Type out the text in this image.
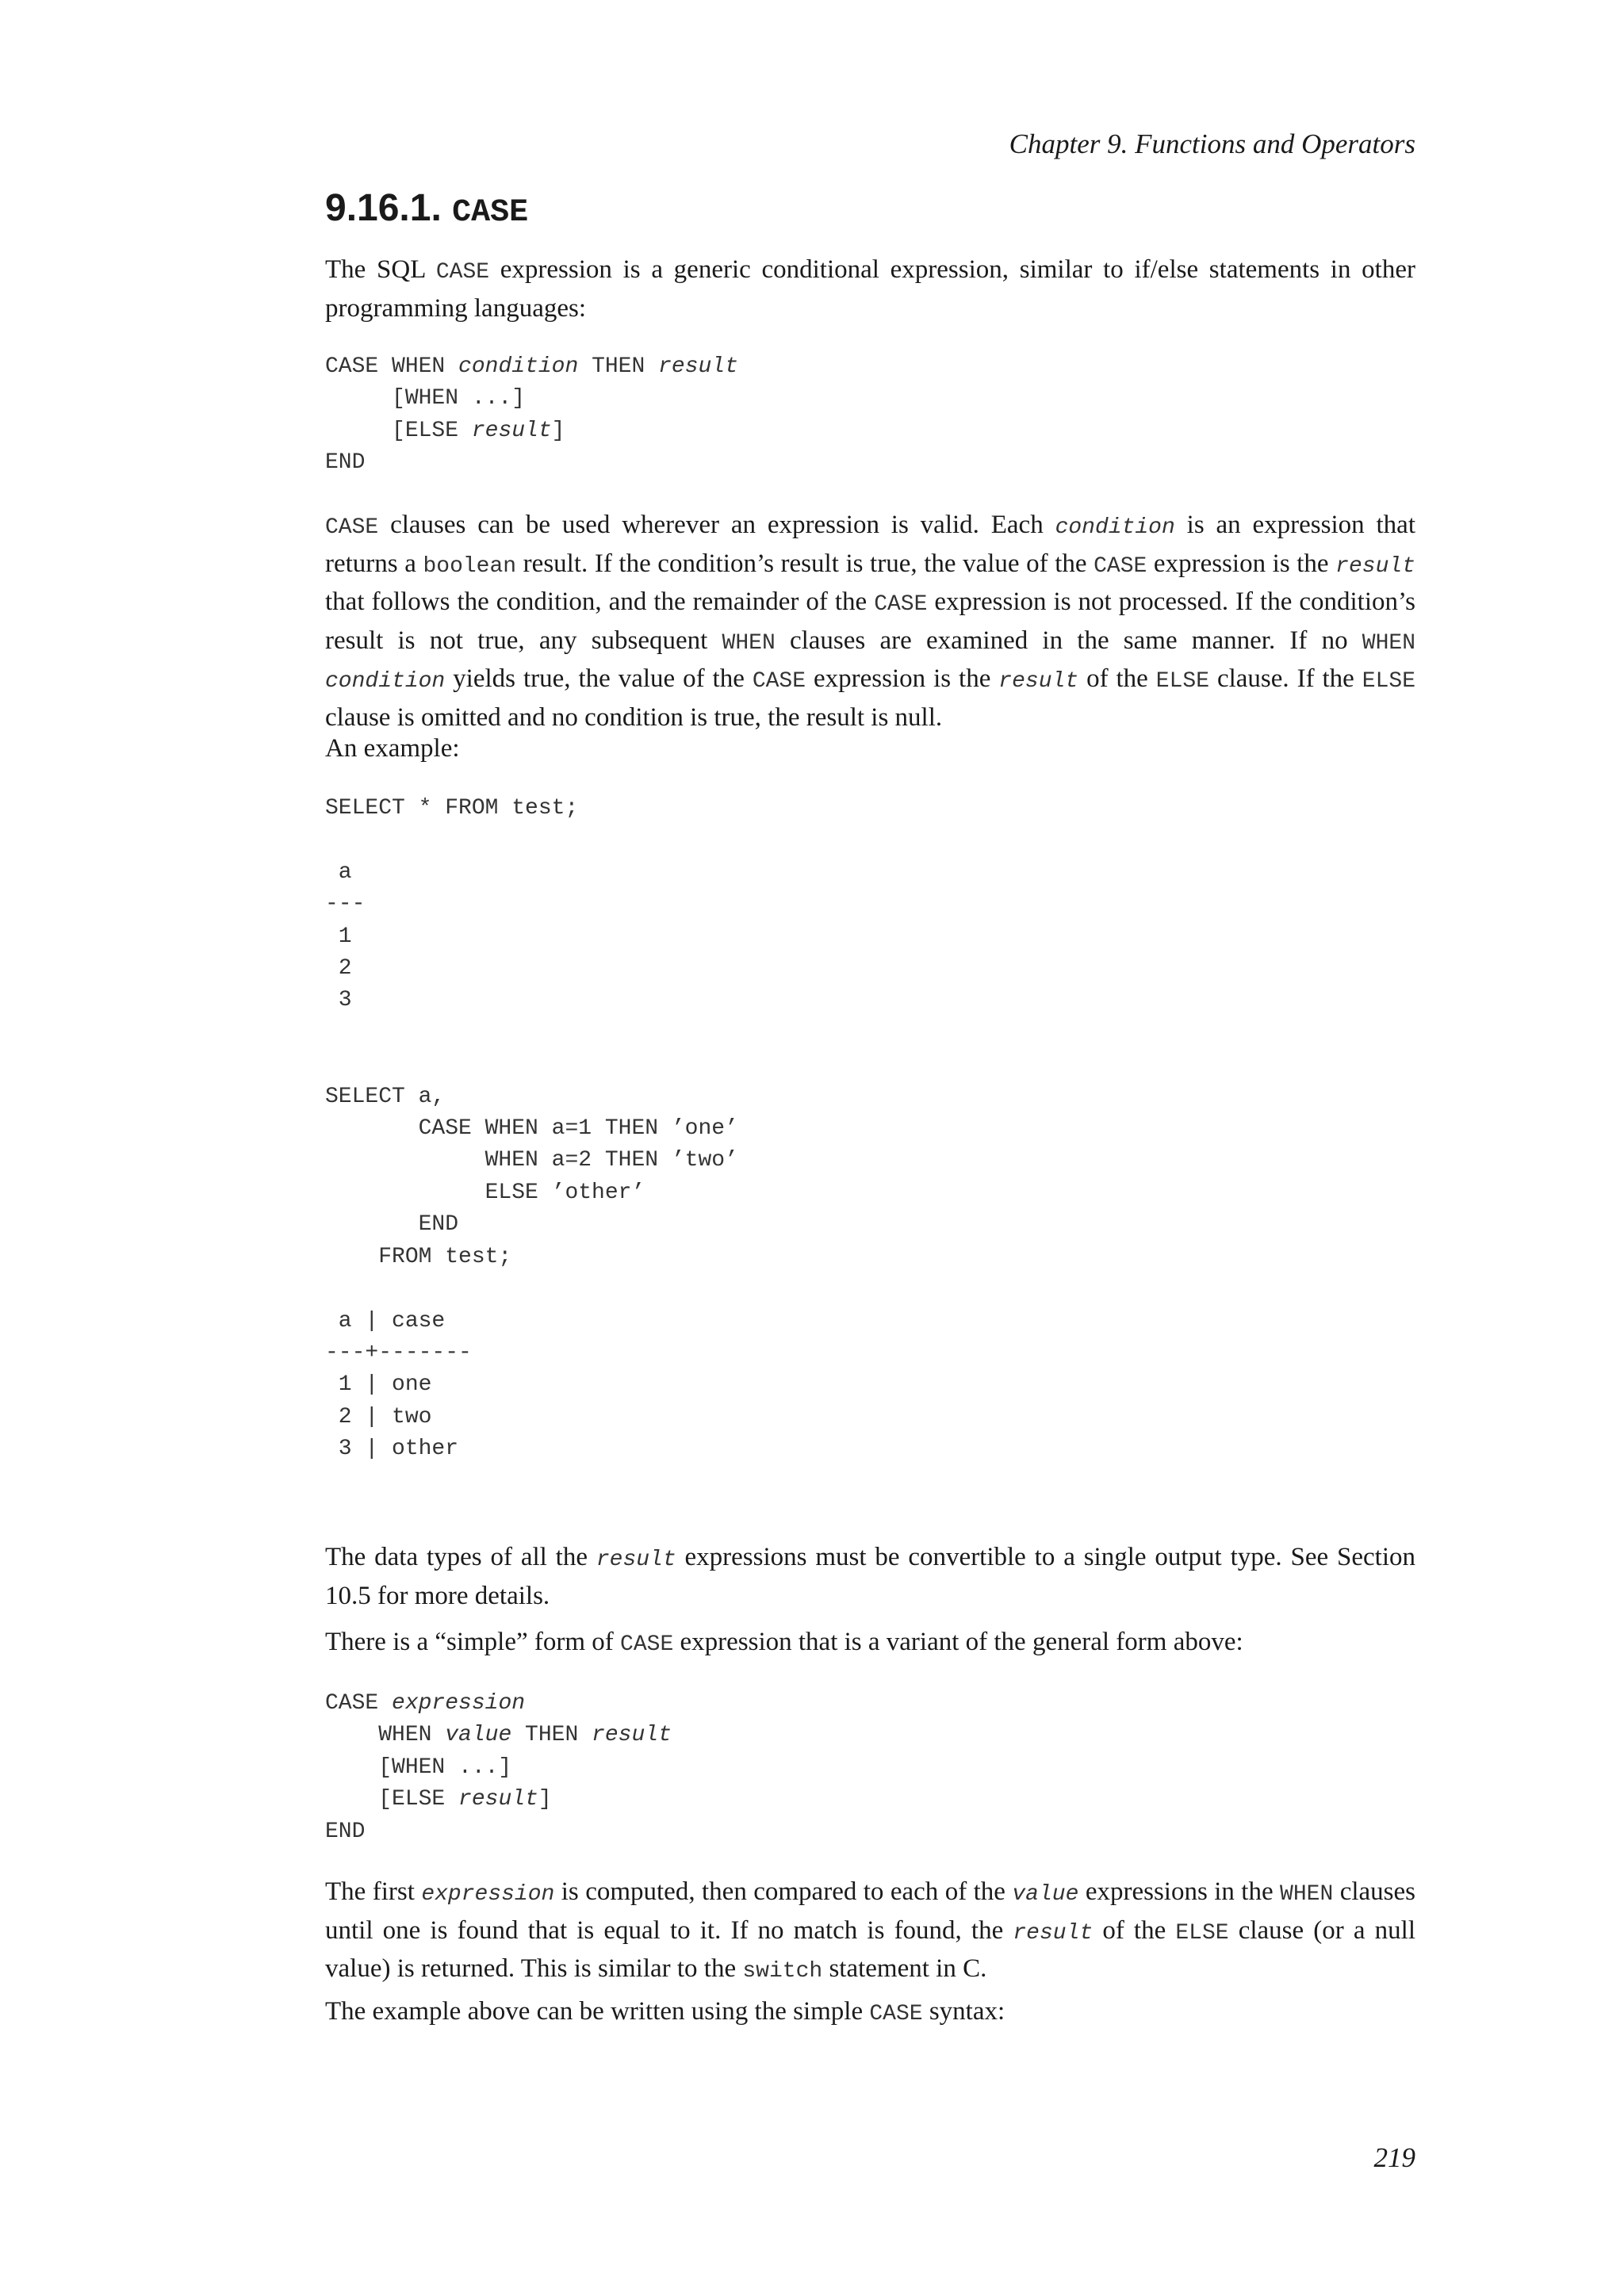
Chapter 9. Functions and Operators
9.16.1. CASE

The SQL CASE expression is a generic conditional expression, similar to if/else statements in other programming languages:

CASE WHEN condition THEN result
[WHEN ...]
[ELSE result]
END

CASE clauses can be used wherever an expression is valid. Each condition is an expression that returns a boolean result. If the condition’s result is true, the value of the CASE expression is the result that follows the condition, and the remainder of the CASE expression is not processed. If the condition’s result is not true, any subsequent WHEN clauses are examined in the same manner. If no WHEN condition yields true, the value of the CASE expression is the result of the ELSE clause. If the ELSE clause is omitted and no condition is true, the result is null.

An example:

SELECT * FROM test;

a
---
1
2
3

SELECT a,
CASE WHEN a=1 THEN ’one’
WHEN a=2 THEN ’two’
ELSE ’other’
END
FROM test;

a | case
---+-------
1 | one
2 | two
3 | other

The data types of all the result expressions must be convertible to a single output type. See Section 10.5 for more details.

There is a “simple” form of CASE expression that is a variant of the general form above:

CASE expression
WHEN value THEN result
[WHEN ...]
[ELSE result]
END

The first expression is computed, then compared to each of the value expressions in the WHEN clauses until one is found that is equal to it. If no match is found, the result of the ELSE clause (or a null value) is returned. This is similar to the switch statement in C.

The example above can be written using the simple CASE syntax:

219
